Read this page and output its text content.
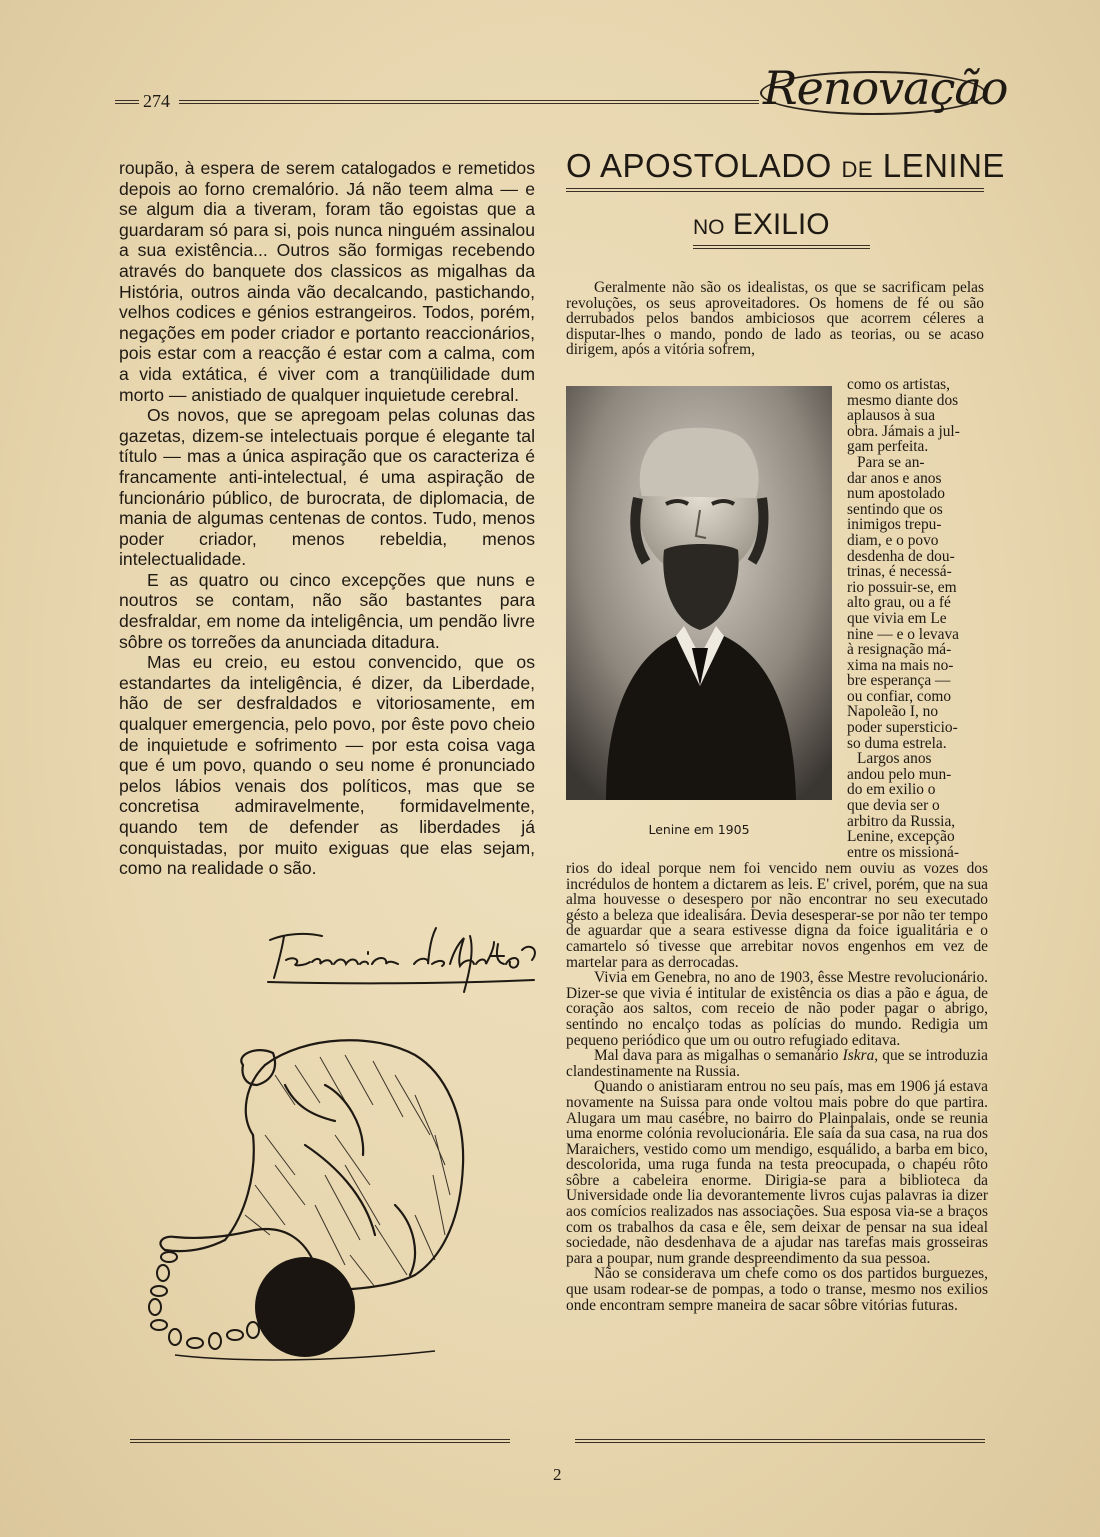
274	Renovação

roupão, à espera de serem catalogados e remetidos depois ao forno cremalório. Já não teem alma — e se algum dia a tiveram, foram tão egoistas que a guardaram só para si, pois nunca ninguém assinalou a sua existência... Outros são formigas recebendo através do banquete dos classicos as migalhas da História, outros ainda vão decalcando, pastichando, velhos codices e génios estrangeiros. Todos, porém, negações em poder criador e portanto reaccionários, pois estar com a reacção é estar com a calma, com a vida extática, é viver com a tranqüilidade dum morto — anistiado de qualquer inquietude cerebral.

Os novos, que se apregoam pelas colunas das gazetas, dizem-se intelectuais porque é elegante tal título — mas a única aspiração que os caracteriza é francamente anti-intelectual, é uma aspiração de funcionário público, de burocrata, de diplomacia, de mania de algumas centenas de contos. Tudo, menos poder criador, menos rebeldia, menos intelectualidade.

E as quatro ou cinco excepções que nuns e noutros se contam, não são bastantes para desfraldar, em nome da inteligência, um pendão livre sôbre os torreões da anunciada ditadura.

Mas eu creio, eu estou convencido, que os estandartes da inteligência, é dizer, da Liberdade, hão de ser desfraldados e vitoriosamente, em qualquer emergencia, pelo povo, por êste povo cheio de inquietude e sofrimento — por esta coisa vaga que é um povo, quando o seu nome é pronunciado pelos lábios venais dos políticos, mas que se concretisa admiravelmente, formidavelmente, quando tem de defender as liberdades já conquistadas, por muito exiguas que elas sejam, como na realidade o são.

O APOSTOLADO DE LENINE
NO EXILIO

Geralmente não são os idealistas, os que se sacrificam pelas revoluções, os seus aproveitadores. Os homens de fé ou são derrubados pelos bandos ambiciosos que acorrem céleres a disputar-lhes o mando, pondo de lado as teorias, ou se acaso dirigem, após a vitória sofrem,

Lenine em 1905

como os artistas,

mesmo diante dos

aplausos à sua

obra. Jámais a jul-

gam perfeita.

Para se an-

dar anos e anos

num apostolado

sentindo que os

inimigos trepu-

diam, e o povo

desdenha de dou-

trinas, é necessá-

rio possuir-se, em

alto grau, ou a fé

que vivia em Le

nine — e o levava

à resignação má-

xima na mais no-

bre esperança —

ou confiar, como

Napoleão I, no

poder supersticio-

so duma estrela.

Largos anos

andou pelo mun-

do em exilio o

que devia ser o

arbitro da Russia,

Lenine, excepção

entre os missioná-

rios do ideal porque nem foi vencido nem ouviu as vozes dos incrédulos de hontem a dictarem as leis. E' crivel, porém, que na sua alma houvesse o desespero por não encontrar no seu executado gésto a beleza que idealisára. Devia desesperar-se por não ter tempo de aguardar que a seara estivesse digna da foice igualitária e o camartelo só tivesse que arrebitar novos engenhos em vez de martelar para as derrocadas.

Vivia em Genebra, no ano de 1903, êsse Mestre revolucionário. Dizer-se que vivia é intitular de existência os dias a pão e água, de coração aos saltos, com receio de não poder pagar o abrigo, sentindo no encalço todas as polícias do mundo. Redigia um pequeno periódico que um ou outro refugiado editava.

Mal dava para as migalhas o semanário Iskra, que se introduzia clandestinamente na Russia.

Quando o anistiaram entrou no seu país, mas em 1906 já estava novamente na Suissa para onde voltou mais pobre do que partira. Alugara um mau casébre, no bairro do Plainpalais, onde se reunia uma enorme colónia revolucionária. Ele saía da sua casa, na rua dos Maraichers, vestido como um mendigo, esquálido, a barba em bico, descolorida, uma ruga funda na testa preocupada, o chapéu rôto sôbre a cabeleira enorme. Dirigia-se para a biblioteca da Universidade onde lia devorantemente livros cujas palavras ia dizer aos comícios realizados nas associações. Sua esposa via-se a braços com os trabalhos da casa e êle, sem deixar de pensar na sua ideal sociedade, não desdenhava de a ajudar nas tarefas mais grosseiras para a poupar, num grande despreendimento da sua pessoa.

Não se considerava um chefe como os dos partidos burguezes, que usam rodear-se de pompas, a todo o transe, mesmo nos exilios onde encontram sempre maneira de sacar sôbre vitórias futuras.

2
